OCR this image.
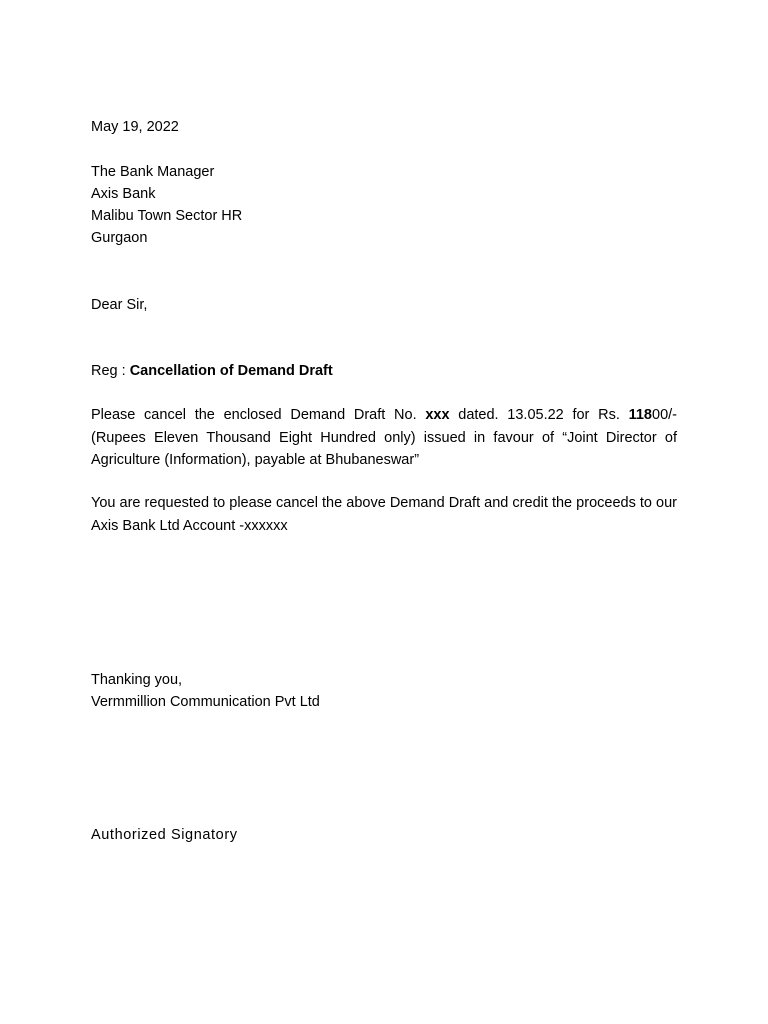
May 19, 2022
The Bank Manager
Axis Bank
Malibu Town Sector HR
Gurgaon
Dear Sir,
Reg : Cancellation of Demand Draft
Please cancel the enclosed Demand Draft No. xxx dated. 13.05.22 for Rs. 11800/- (Rupees Eleven Thousand Eight Hundred only) issued in favour of “Joint Director of Agriculture (Information), payable at Bhubaneswar”
You are requested to please cancel the above Demand Draft and credit the proceeds to our Axis Bank Ltd Account -xxxxxx
Thanking you,
Vermmillion Communication Pvt Ltd
Authorized Signatory
